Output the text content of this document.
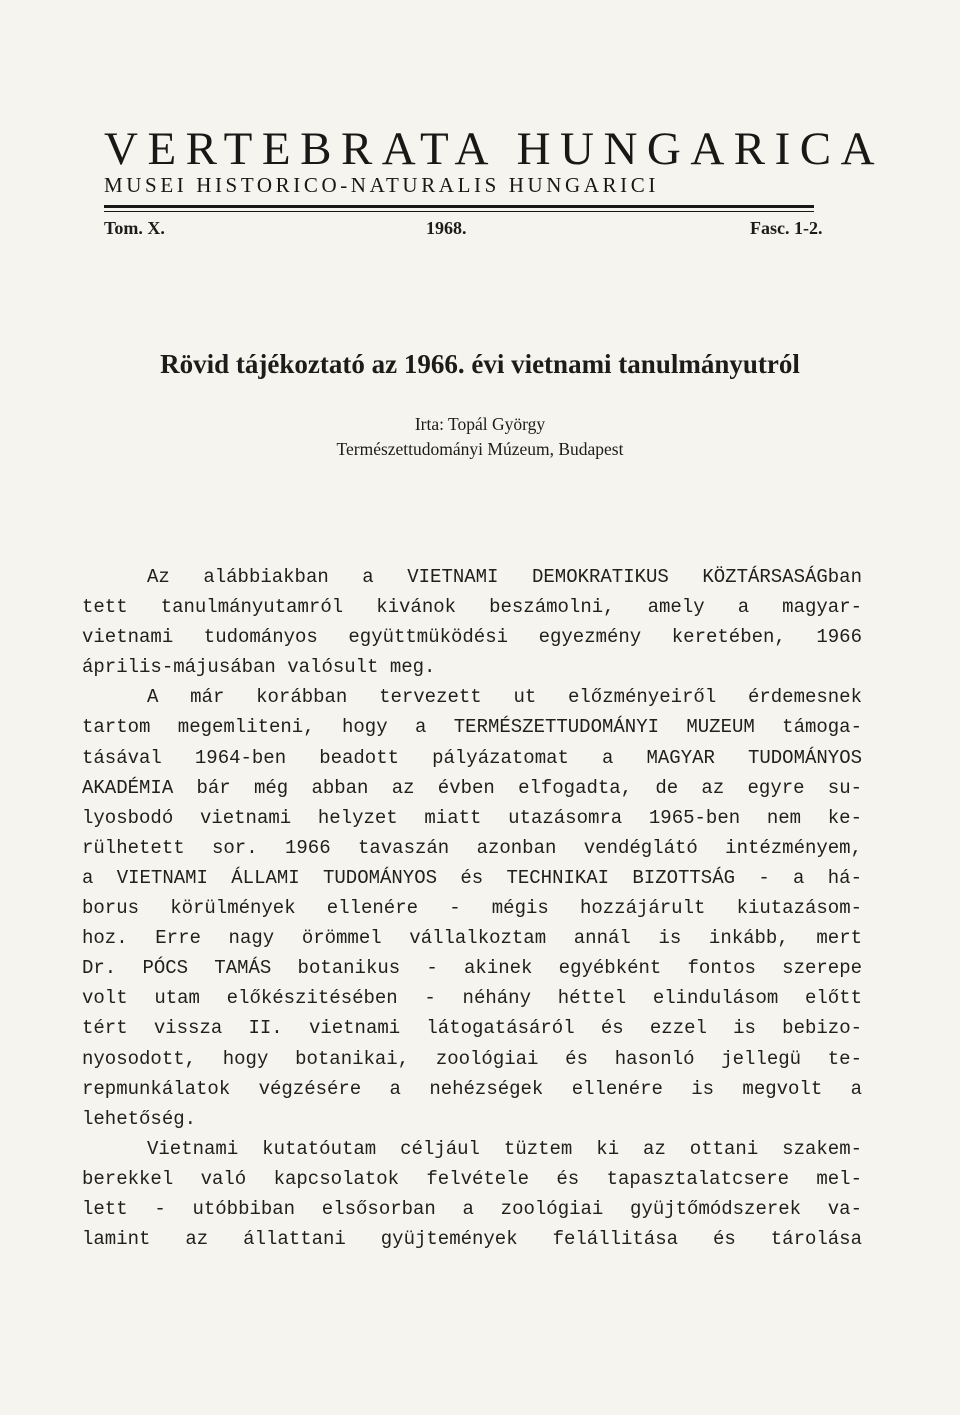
VERTEBRATA HUNGARICA
MUSEI HISTORICO-NATURALIS HUNGARICI
Tom. X.	1968.	Fasc. 1-2.
Rövid tájékoztató az 1966. évi vietnami tanulmányutról
Irta: Topál György
Természettudományi Múzeum, Budapest
Az alábbiakban a VIETNAMI DEMOKRATIKUS KÖZTÁRSASÁGban
tett tanulmányutamról kivánok beszámolni, amely a magyar-
vietnami tudományos együttmüködési egyezmény keretében, 1966
április-májusában valósult meg.
A már korábban tervezett ut előzményeiről érdemesnek
tartom megemliteni, hogy a TERMÉSZETTUDOMÁNYI MUZEUM támoga-
tásával 1964-ben beadott pályázatomat a MAGYAR TUDOMÁNYOS
AKADÉMIA bár még abban az évben elfogadta, de az egyre su-
lyosbodó vietnami helyzet miatt utazásomra 1965-ben nem ke-
rülhetett sor. 1966 tavaszán azonban vendéglátó intézményem,
a VIETNAMI ÁLLAMI TUDOMÁNYOS és TECHNIKAI BIZOTTSÁG - a há-
borus körülmények ellenére - mégis hozzájárult kiutazásom-
hoz. Erre nagy örömmel vállalkoztam annál is inkább, mert
Dr. PÓCS TAMÁS botanikus - akinek egyébként fontos szerepe
volt utam előkészitésében - néhány héttel elindulásom előtt
tért vissza II. vietnami látogatásáról és ezzel is bebizo-
nyosodott, hogy botanikai, zoológiai és hasonló jellegü te-
repmunkálatok végzésére a nehézségek ellenére is megvolt a
lehetőség.
Vietnami kutatóutam céljául tüztem ki az ottani szakem-
berekkel való kapcsolatok felvétele és tapasztalatcsere mel-
lett - utóbbiban elsősorban a zoológiai gyüjtőmódszerek va-
lamint az állattani gyüjtemények felállitása és tárolása
